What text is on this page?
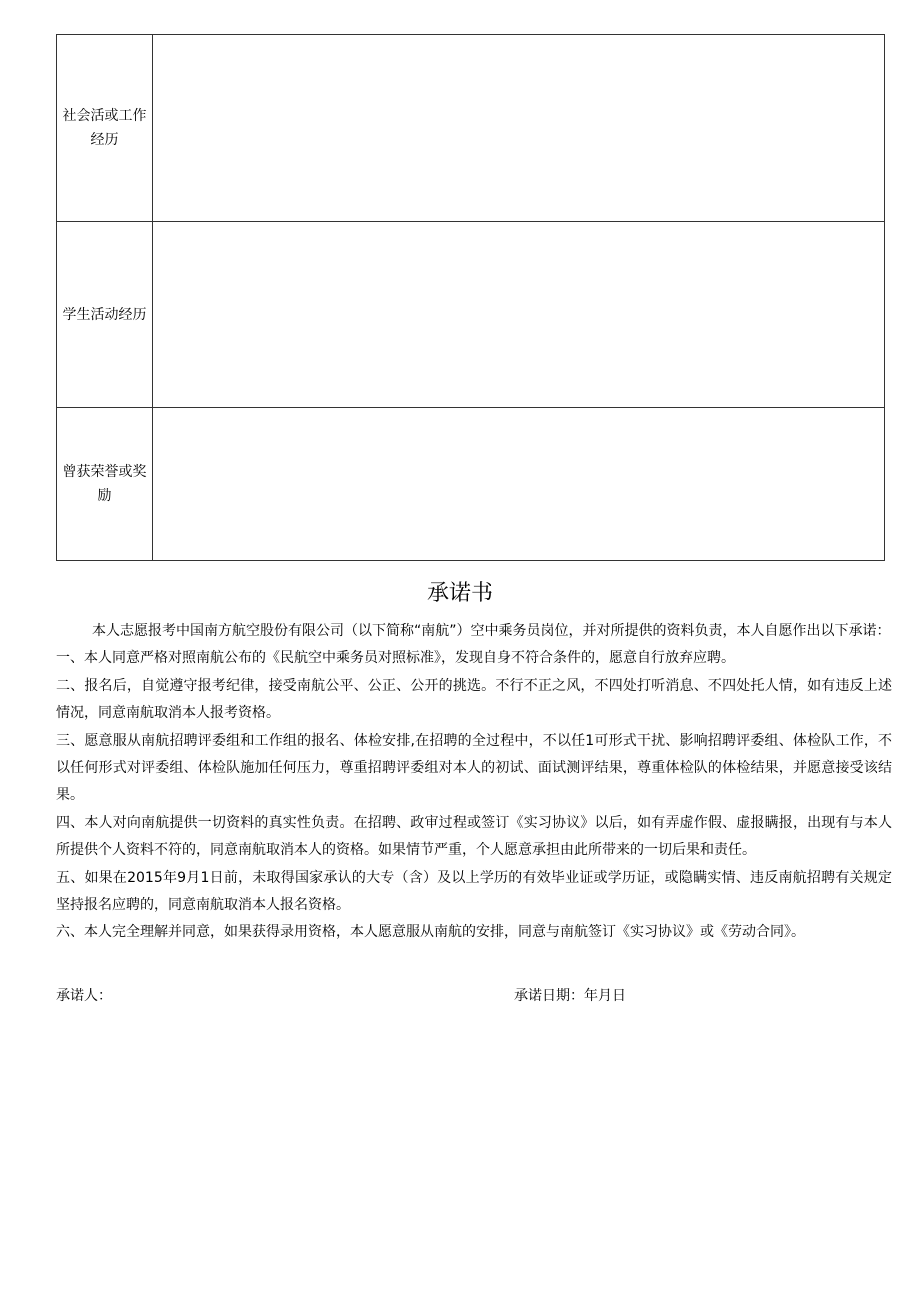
社会活或工作经历	
学生活动经历	
曾获荣誉或奖励	
承诺书

本人志愿报考中国南方航空股份有限公司（以下简称“南航”）空中乘务员岗位，并对所提供的资料负责，本人自愿作出以下承诺：

一、本人同意严格对照南航公布的《民航空中乘务员对照标准》，发现自身不符合条件的，愿意自行放弃应聘。

二、报名后，自觉遵守报考纪律，接受南航公平、公正、公开的挑选。不行不正之风，不四处打听消息、不四处托人情，如有违反上述情况，同意南航取消本人报考资格。

三、愿意服从南航招聘评委组和工作组的报名、体检安排,在招聘的全过程中，不以任1可形式干扰、影响招聘评委组、体检队工作，不以任何形式对评委组、体检队施加任何压力，尊重招聘评委组对本人的初试、面试测评结果，尊重体检队的体检结果，并愿意接受该结果。

四、本人对向南航提供一切资料的真实性负责。在招聘、政审过程或签订《实习协议》以后，如有弄虚作假、虚报瞒报，出现有与本人所提供个人资料不符的，同意南航取消本人的资格。如果情节严重，个人愿意承担由此所带来的一切后果和责任。

五、如果在2015年9月1日前，未取得国家承认的大专（含）及以上学历的有效毕业证或学历证，或隐瞒实情、违反南航招聘有关规定坚持报名应聘的，同意南航取消本人报名资格。

六、本人完全理解并同意，如果获得录用资格，本人愿意服从南航的安排，同意与南航签订《实习协议》或《劳动合同》。

承诺人：	承诺日期：年月日
